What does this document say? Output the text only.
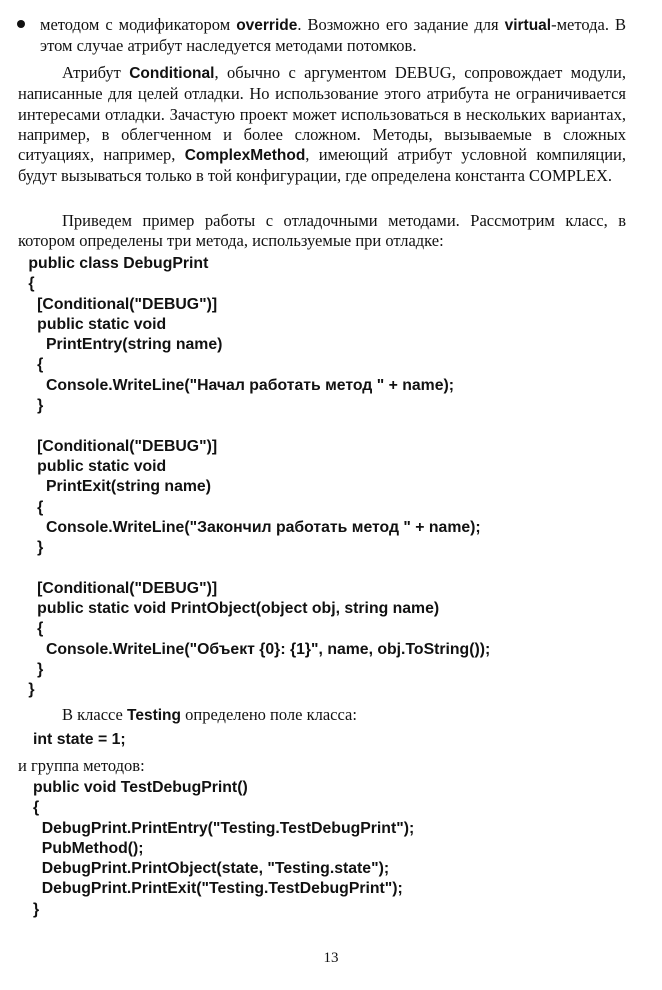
методом с модификатором override. Возможно его задание для virtual-метода. В этом случае атрибут наследуется методами потомков.
Атрибут Conditional, обычно с аргументом DEBUG, сопровождает модули, написанные для целей отладки. Но использование этого атрибута не ограничивается интересами отладки. Зачастую проект может использоваться в нескольких вариантах, например, в облегченном и более сложном. Методы, вызываемые в сложных ситуациях, например, ComplexMethod, имеющий атрибут условной компиляции, будут вызываться только в той конфигурации, где определена константа COMPLEX.
Приведем пример работы с отладочными методами. Рассмотрим класс, в котором определены три метода, используемые при отладке:
public class DebugPrint
{
[Conditional("DEBUG")]
public static void
PrintEntry(string name)
{
Console.WriteLine("Начал работать метод " + name);
}

[Conditional("DEBUG")]
public static void
PrintExit(string name)
{
Console.WriteLine("Закончил работать метод " + name);
}

[Conditional("DEBUG")]
public static void PrintObject(object obj, string name)
{
Console.WriteLine("Объект {0}: {1}", name, obj.ToString());
}
}
В классе Testing определено поле класса:
int state = 1;
и группа методов:
public void TestDebugPrint()
{
DebugPrint.PrintEntry("Testing.TestDebugPrint");
PubMethod();
DebugPrint.PrintObject(state, "Testing.state");
DebugPrint.PrintExit("Testing.TestDebugPrint");
}
13
